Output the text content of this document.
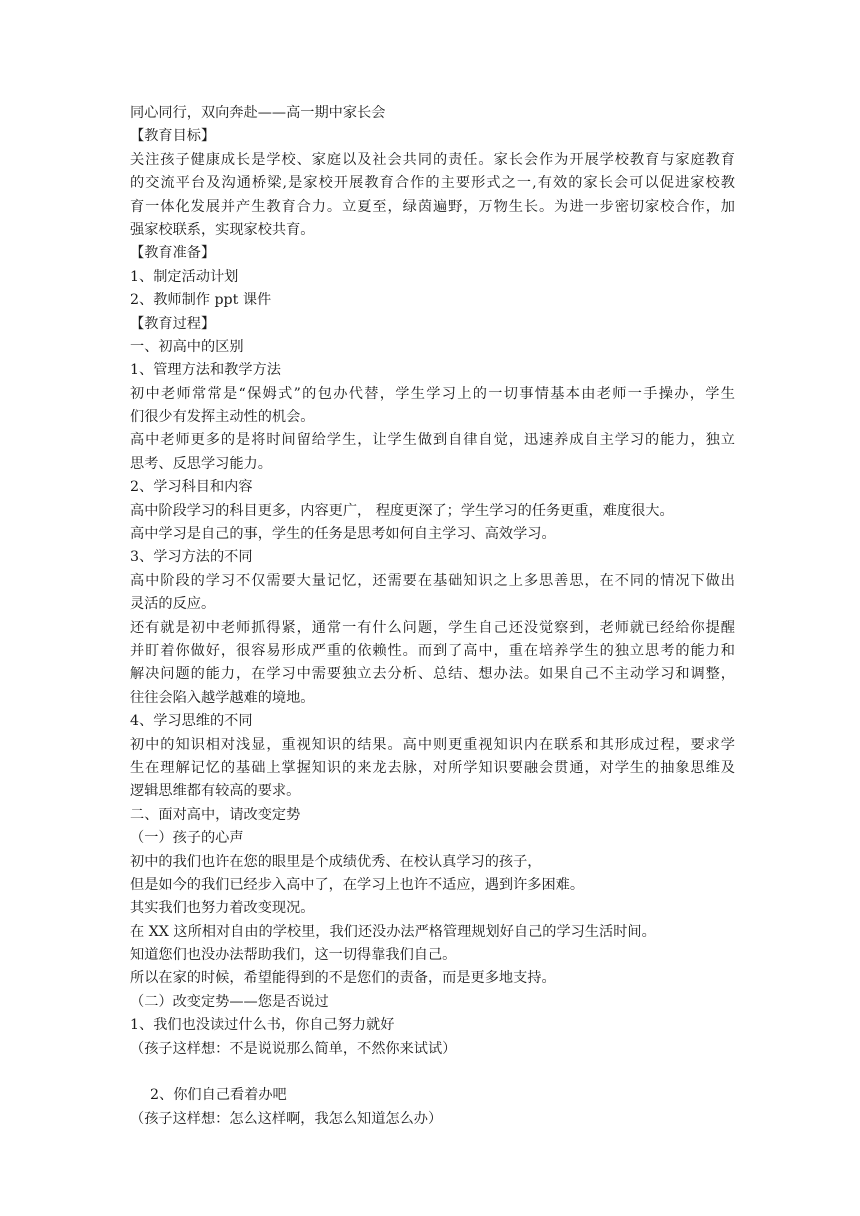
同心同行，双向奔赴——高一期中家长会
【教育目标】
关注孩子健康成长是学校、家庭以及社会共同的责任。家长会作为开展学校教育与家庭教育
的交流平台及沟通桥梁,是家校开展教育合作的主要形式之一,有效的家长会可以促进家校教
育一体化发展并产生教育合力。立夏至，绿茵遍野，万物生长。为进一步密切家校合作，加
强家校联系，实现家校共育。
【教育准备】
1、制定活动计划
2、教师制作 ppt 课件
【教育过程】
一、初高中的区别
1、管理方法和教学方法
初中老师常常是“保姆式”的包办代替，学生学习上的一切事情基本由老师一手操办，学生
们很少有发挥主动性的机会。
高中老师更多的是将时间留给学生，让学生做到自律自觉，迅速养成自主学习的能力，独立
思考、反思学习能力。
2、学习科目和内容
高中阶段学习的科目更多，内容更广， 程度更深了；学生学习的任务更重，难度很大。
高中学习是自己的事，学生的任务是思考如何自主学习、高效学习。
3、学习方法的不同
高中阶段的学习不仅需要大量记忆，还需要在基础知识之上多思善思，在不同的情况下做出
灵活的反应。
还有就是初中老师抓得紧，通常一有什么问题，学生自己还没觉察到，老师就已经给你提醒
并盯着你做好，很容易形成严重的依赖性。而到了高中，重在培养学生的独立思考的能力和
解决问题的能力，在学习中需要独立去分析、总结、想办法。如果自己不主动学习和调整，
往往会陷入越学越难的境地。
4、学习思维的不同
初中的知识相对浅显，重视知识的结果。高中则更重视知识内在联系和其形成过程，要求学
生在理解记忆的基础上掌握知识的来龙去脉，对所学知识要融会贯通，对学生的抽象思维及
逻辑思维都有较高的要求。
二、面对高中，请改变定势
（一）孩子的心声
初中的我们也许在您的眼里是个成绩优秀、在校认真学习的孩子，
但是如今的我们已经步入高中了，在学习上也许不适应，遇到许多困难。
其实我们也努力着改变现况。
在 XX 这所相对自由的学校里，我们还没办法严格管理规划好自己的学习生活时间。
知道您们也没办法帮助我们，这一切得靠我们自己。
所以在家的时候，希望能得到的不是您们的责备，而是更多地支持。
（二）改变定势——您是否说过
1、我们也没读过什么书，你自己努力就好
（孩子这样想：不是说说那么简单，不然你来试试）
2、你们自己看着办吧
（孩子这样想：怎么这样啊，我怎么知道怎么办）
